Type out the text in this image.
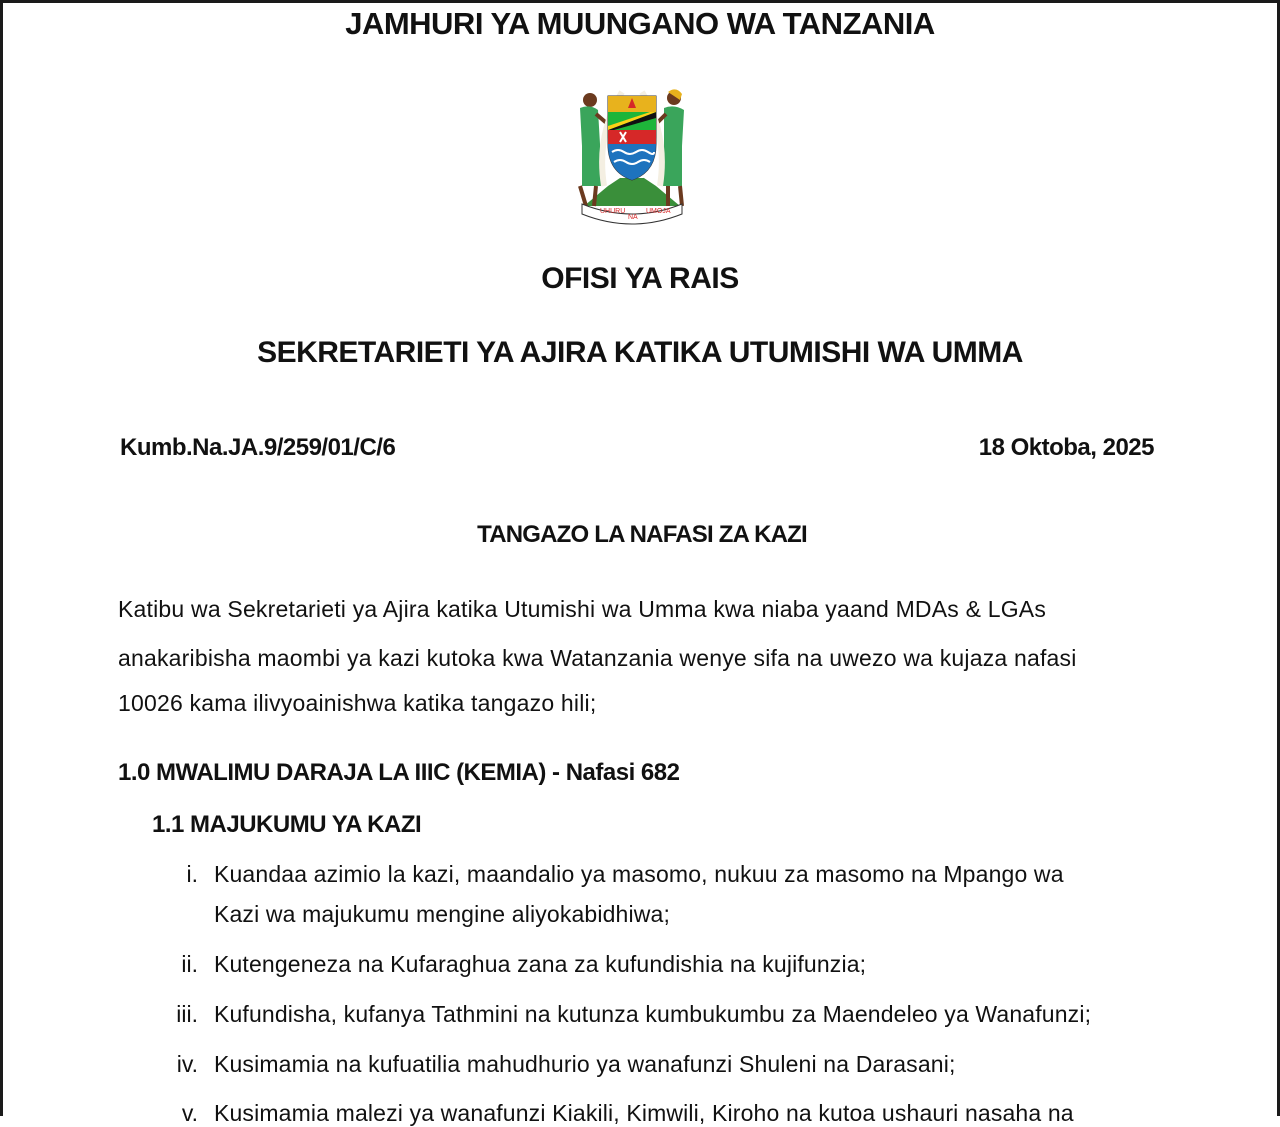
JAMHURI YA MUUNGANO WA TANZANIA
UHURU
NA
UMOJA
OFISI YA RAIS
SEKRETARIETI YA AJIRA KATIKA UTUMISHI WA UMMA
Kumb.Na.JA.9/259/01/C/6	18 Oktoba, 2025
TANGAZO LA NAFASI ZA KAZI
Katibu wa Sekretarieti ya Ajira katika Utumishi wa Umma kwa niaba yaand MDAs & LGAs
anakaribisha maombi ya kazi kutoka kwa Watanzania wenye sifa na uwezo wa kujaza nafasi
10026 kama ilivyoainishwa katika tangazo hili;
1.0 MWALIMU DARAJA LA IIIC (KEMIA) - Nafasi 682
1.1 MAJUKUMU YA KAZI
i. Kuandaa azimio la kazi, maandalio ya masomo, nukuu za masomo na Mpango wa
Kazi wa majukumu mengine aliyokabidhiwa;
ii. Kutengeneza na Kufaraghua zana za kufundishia na kujifunzia;
iii. Kufundisha, kufanya Tathmini na kutunza kumbukumbu za Maendeleo ya Wanafunzi;
iv. Kusimamia na kufuatilia mahudhurio ya wanafunzi Shuleni na Darasani;
v. Kusimamia malezi ya wanafunzi Kiakili, Kimwili, Kiroho na kutoa ushauri nasaha na
